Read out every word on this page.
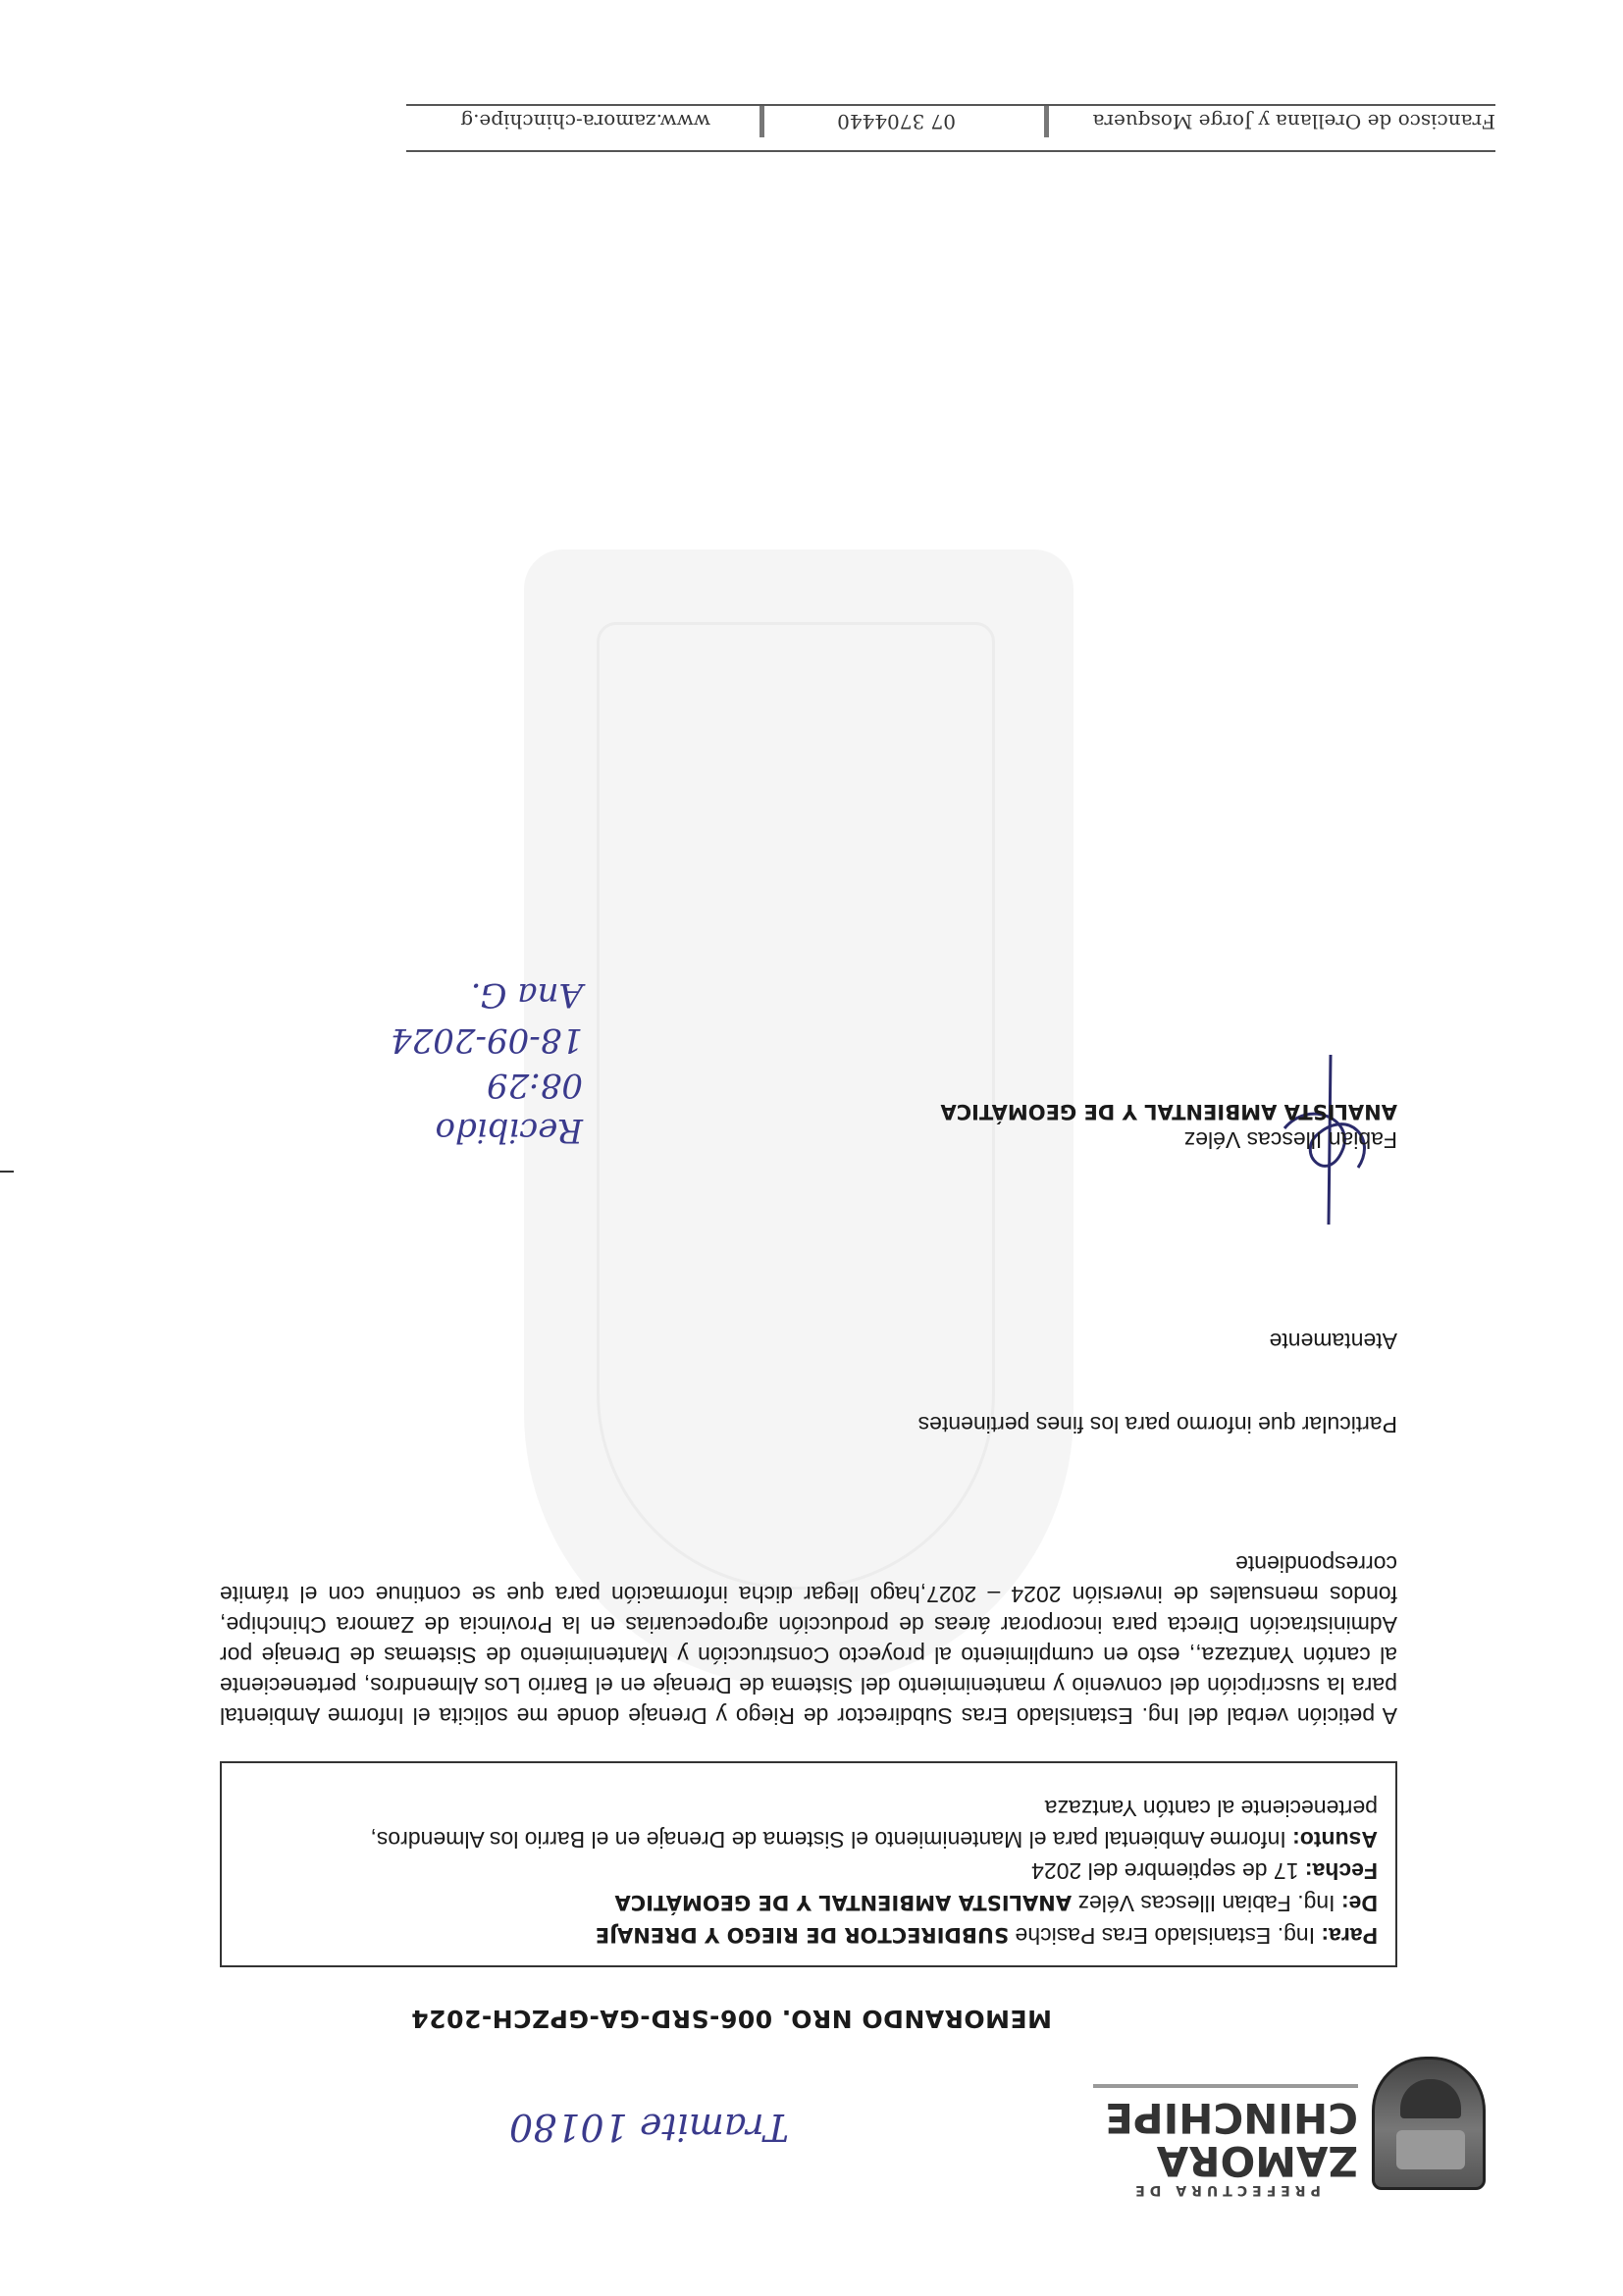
PREFECTURA DE
ZAMORA
CHINCHIPE
Tramite 10180
MEMORANDO NRO. 006-SRD-GA-GPZCH-2024
Para: Ing. Estanislado Eras Pasiche SUBDIRECTOR DE RIEGO Y DRENAJE
De: Ing. Fabian Illescas Vélez ANALISTA AMBIENTAL Y DE GEOMÁTICA
Fecha: 17 de septiembre del 2024
Asunto: Informe Ambiental para el Mantenimiento el Sistema de Drenaje en el Barrio los Almendros, perteneciente al cantón Yantzaza
A petición verbal del Ing. Estanislado Eras Subdirector de Riego y Drenaje donde me solicita el Informe Ambiental para la suscripción del convenio y mantenimiento del Sistema de Drenaje en el Barrio Los Almendros, perteneciente al cantón Yantzaza,, esto en cumplimiento al proyecto Construcción y Mantenimiento de Sistemas de Drenaje por Administración Directa para incorporar áreas de producción agropecuarias en la Provincia de Zamora Chinchipe, fondos mensuales de inversión 2024 – 2027,hago llegar dicha información para que se continue con el trámite correspondiente
Particular que informo para los fines pertinentes
Atentamente
Fabian Illescas Vélez
ANALISTA AMBIENTAL Y DE GEOMÁTICA
Recibido
08:29
18-09-2024
Ana G.
Francisco de Orellana y Jorge Mosquera
07 3704440
www.zamora-chinchipe.g
